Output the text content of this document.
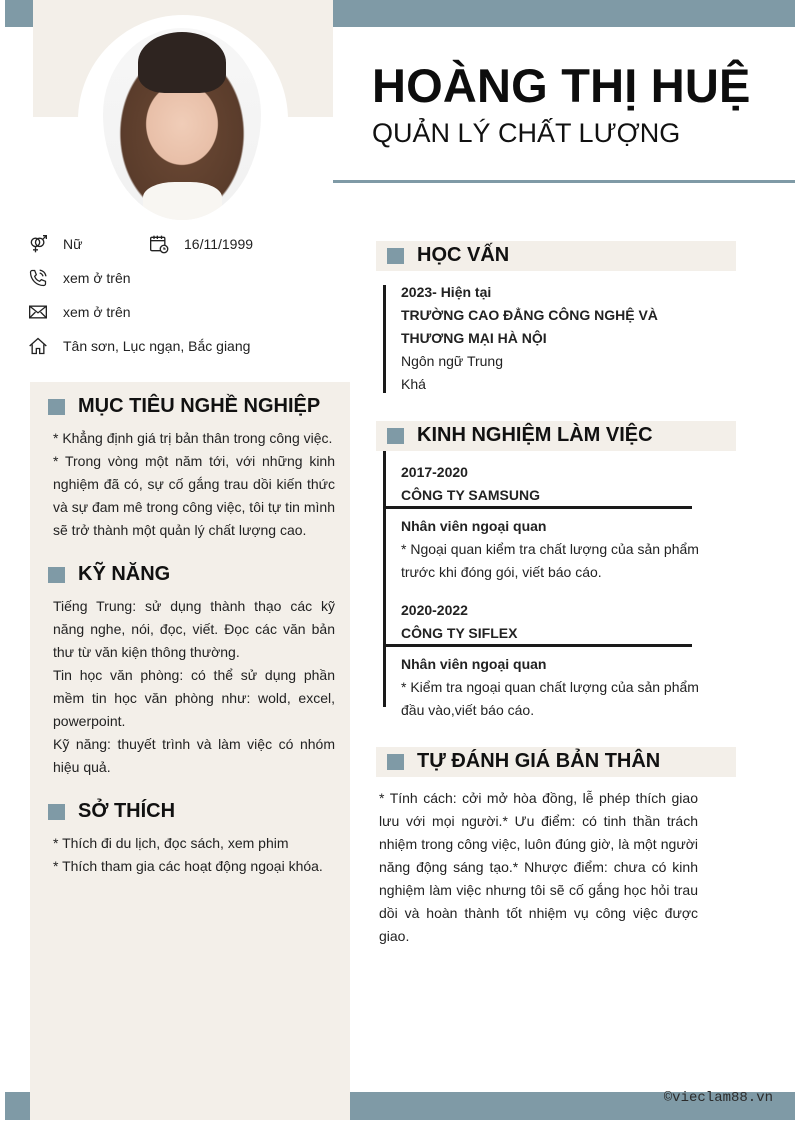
HOÀNG THỊ HUỆ
QUẢN LÝ CHẤT LƯỢNG
Nữ	16/11/1999
xem ở trên
xem ở trên
Tân sơn, Lục ngạn, Bắc giang
MỤC TIÊU NGHỀ NGHIỆP
* Khẳng định giá trị bản thân trong công việc.
* Trong vòng một năm tới, với những kinh nghiệm đã có, sự cố gắng trau dồi kiến thức và sự đam mê trong công việc, tôi tự tin mình sẽ trở thành một quản lý chất lượng cao.
KỸ NĂNG
Tiếng Trung: sử dụng thành thạo các kỹ năng nghe, nói, đọc, viết. Đọc các văn bản thư từ văn kiện thông thường.
Tin học văn phòng: có thể sử dụng phần mềm tin học văn phòng như: wold, excel, powerpoint.
Kỹ năng: thuyết trình và làm việc có nhóm hiệu quả.
SỞ THÍCH
* Thích đi du lịch, đọc sách, xem phim
* Thích tham gia các hoạt động ngoại khóa.
HỌC VẤN
2023- Hiện tại
TRƯỜNG CAO ĐẲNG CÔNG NGHỆ VÀ THƯƠNG MẠI HÀ NỘI
Ngôn ngữ Trung
Khá
KINH NGHIỆM LÀM VIỆC
2017-2020
CÔNG TY SAMSUNG
Nhân viên ngoại quan
* Ngoại quan kiểm tra chất lượng của sản phẩm trước khi đóng gói, viết báo cáo.
2020-2022
CÔNG TY SIFLEX
Nhân viên ngoại quan
* Kiểm tra ngoại quan chất lượng của sản phẩm đầu vào,viết báo cáo.
TỰ ĐÁNH GIÁ BẢN THÂN
* Tính cách: cởi mở hòa đồng, lễ phép thích giao lưu với mọi người.* Ưu điểm: có tinh thần trách nhiệm trong công việc, luôn đúng giờ, là một người năng động sáng tạo.* Nhược điểm: chưa có kinh nghiệm làm việc nhưng tôi sẽ cố gắng học hỏi trau dồi và hoàn thành tốt nhiệm vụ công việc được giao.
©vieclam88.vn
